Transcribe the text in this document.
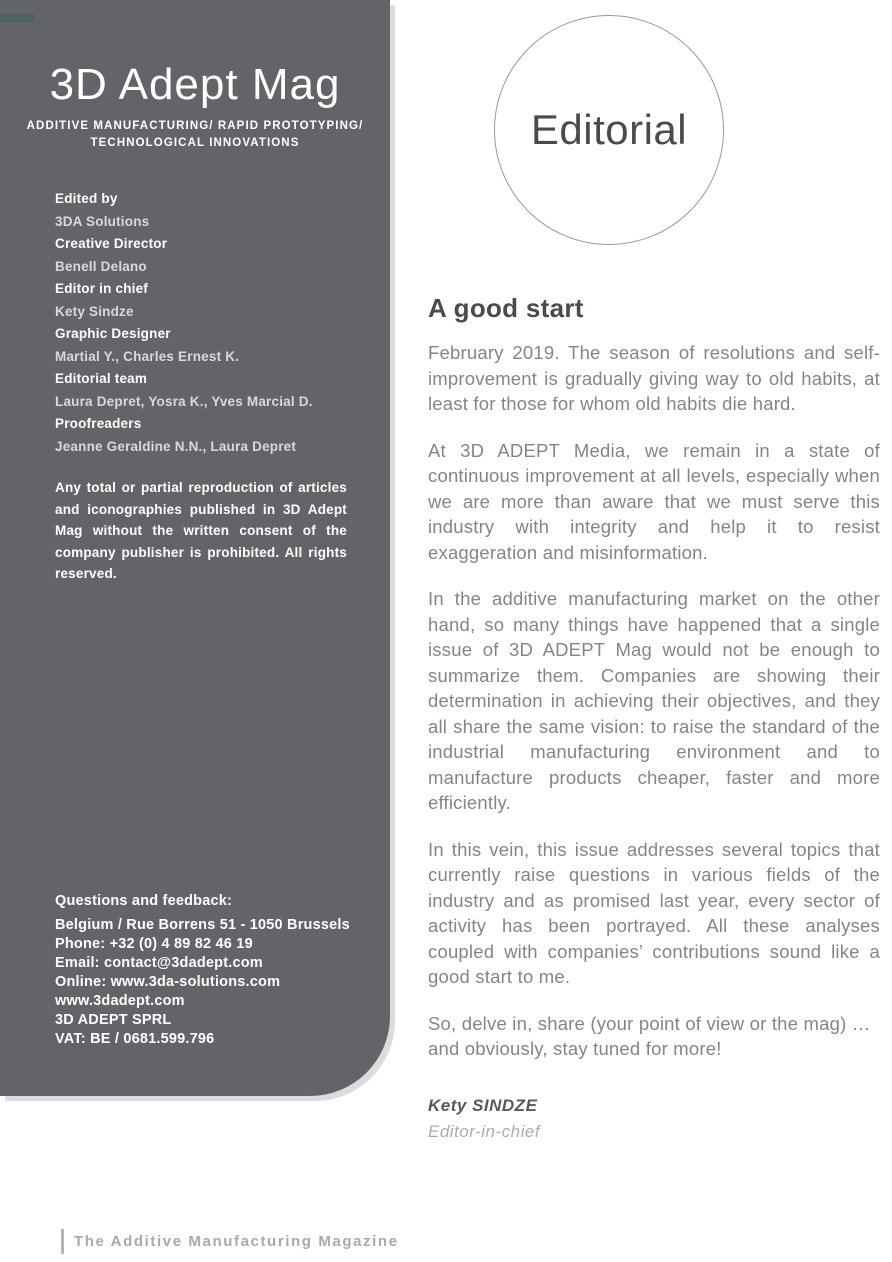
3D Adept Mag
ADDITIVE MANUFACTURING/ RAPID PROTOTYPING/
TECHNOLOGICAL INNOVATIONS
Edited by
3DA Solutions
Creative Director
Benell Delano
Editor in chief
Kety Sindze
Graphic Designer
Martial Y., Charles Ernest K.
Editorial team
Laura Depret, Yosra K., Yves Marcial D.
Proofreaders
Jeanne Geraldine N.N., Laura Depret

Any total or partial reproduction of articles and iconographies published in 3D Adept Mag without the written consent of the company publisher is prohibited. All rights reserved.

Questions and feedback:
Belgium / Rue Borrens 51 - 1050 Brussels
Phone: +32 (0) 4 89 82 46 19
Email: contact@3dadept.com
Online: www.3da-solutions.com
www.3dadept.com
3D ADEPT SPRL
VAT: BE / 0681.599.796
Editorial
A good start

February 2019. The season of resolutions and self-improvement is gradually giving way to old habits, at least for those for whom old habits die hard.

At 3D ADEPT Media, we remain in a state of continuous improvement at all levels, especially when we are more than aware that we must serve this industry with integrity and help it to resist exaggeration and misinformation.

In the additive manufacturing market on the other hand, so many things have happened that a single issue of 3D ADEPT Mag would not be enough to summarize them. Companies are showing their determination in achieving their objectives, and they all share the same vision: to raise the standard of the industrial manufacturing environment and to manufacture products cheaper, faster and more efficiently.

In this vein, this issue addresses several topics that currently raise questions in various fields of the industry and as promised last year, every sector of activity has been portrayed. All these analyses coupled with companies’ contributions sound like a good start to me.

So, delve in, share (your point of view or the mag) …and obviously, stay tuned for more!

Kety SINDZE
Editor-in-chief
The Additive Manufacturing Magazine
